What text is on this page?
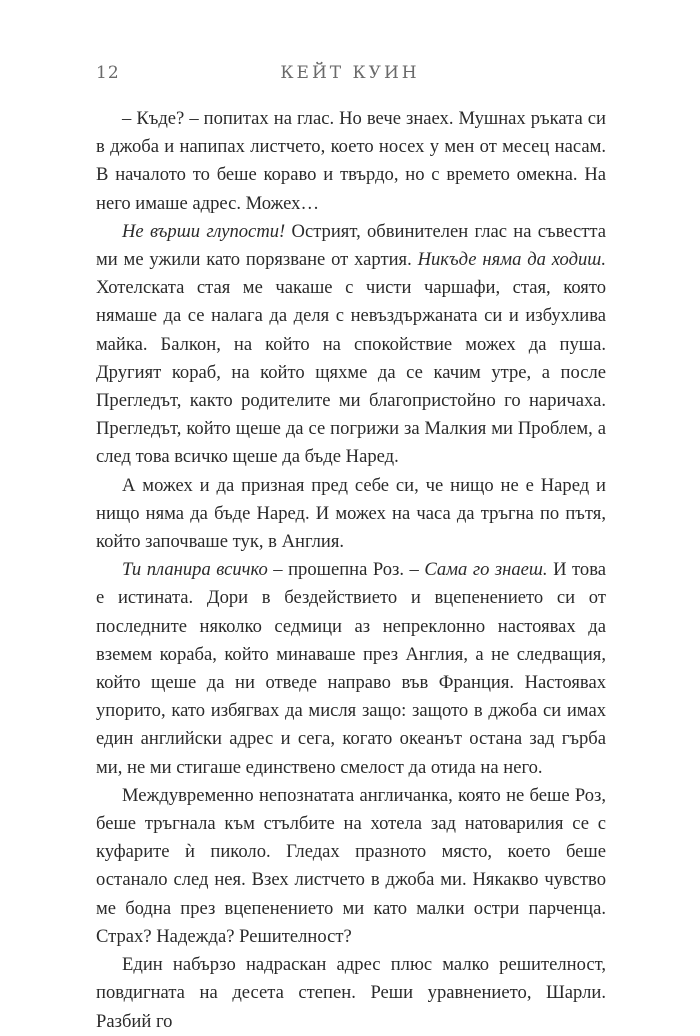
12	КЕЙТ КУИН

– Къде? – попитах на глас. Но вече знаех. Мушнах ръката си в джоба и напипах листчето, което носех у мен от месец насам. В началото то беше кораво и твърдо, но с времето омекна. На него имаше адрес. Можех…

Не върши глупости! Острият, обвинителен глас на съвестта ми ме ужили като порязване от хартия. Никъде няма да ходиш. Хотелската стая ме чакаше с чисти чаршафи, стая, която нямаше да се налага да деля с невъздържаната си и избухлива майка. Балкон, на който на спокойствие можех да пуша. Другият кораб, на който щяхме да се качим утре, а после Прегледът, както родителите ми благопристойно го наричаха. Прегледът, който щеше да се погрижи за Малкия ми Проблем, а след това всичко щеше да бъде Наред.

А можех и да призная пред себе си, че нищо не е Наред и нищо няма да бъде Наред. И можех на часа да тръгна по пътя, който започваше тук, в Англия.

Ти планира всичко – прошепна Роз. – Сама го знаеш. И това е истината. Дори в бездействието и вцепенението си от последните няколко седмици аз непреклонно настоявах да вземем кораба, който минаваше през Англия, а не следващия, който щеше да ни отведе направо във Франция. Настоявах упорито, като избягвах да мисля защо: защото в джоба си имах един английски адрес и сега, когато океанът остана зад гърба ми, не ми стигаше единствено смелост да отида на него.

Междувременно непознатата англичанка, която не беше Роз, беше тръгнала към стълбите на хотела зад натоварилия се с куфарите ѝ пиколо. Гледах празното място, което беше останало след нея. Взех листчето в джоба ми. Някакво чувство ме бодна през вцепенението ми като малки остри парченца. Страх? Надежда? Решителност?

Един набързо надраскан адрес плюс малко решителност, повдигната на десета степен. Реши уравнението, Шарли. Разбий го
